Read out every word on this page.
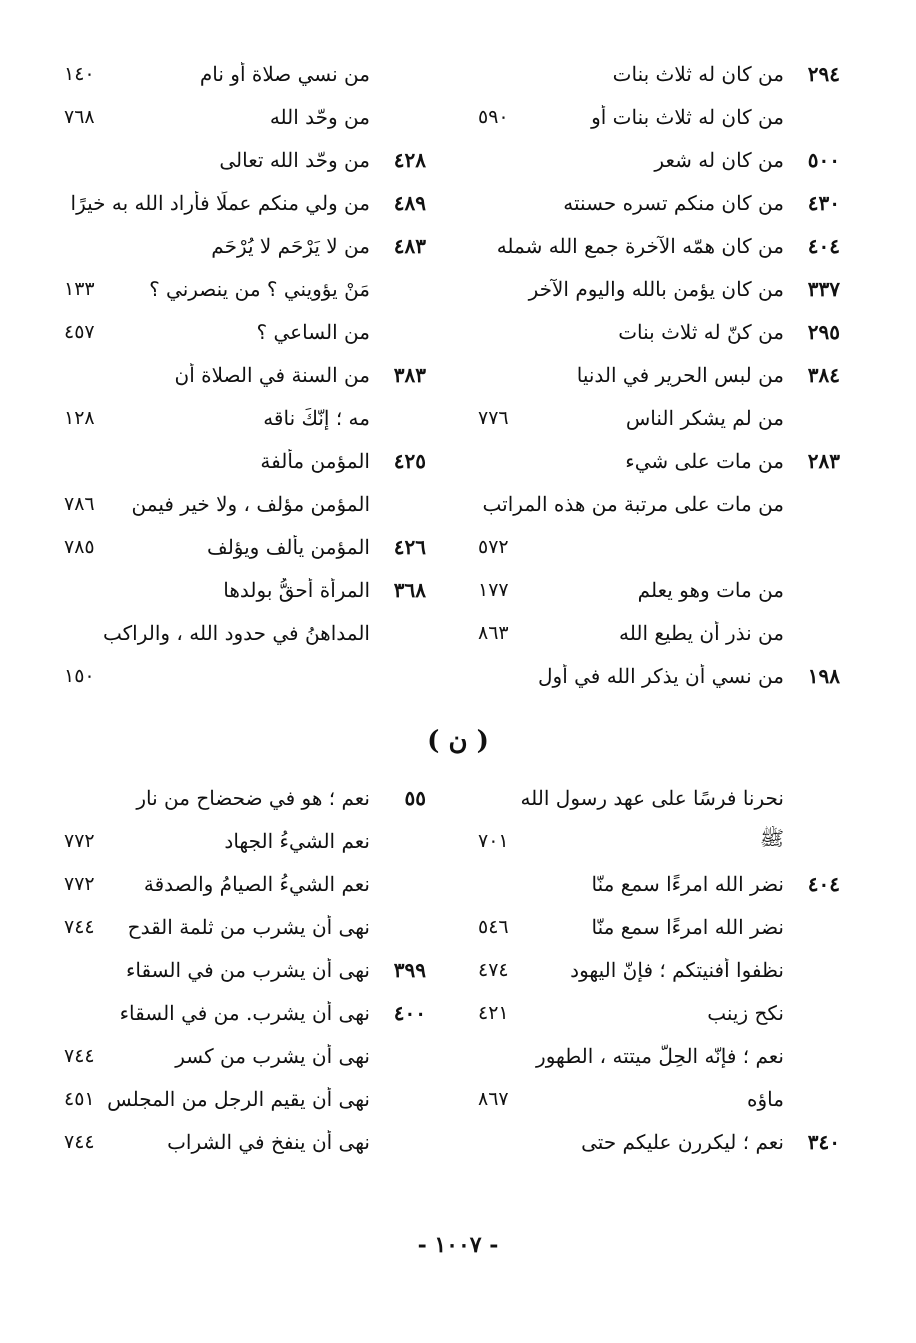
٢٩٤
من كان له ثلاث بنات
من كان له ثلاث بنات أو
٥٩٠
٥٠٠
من كان له شعر
٤٣٠
من كان منكم تسره حسنته
٤٠٤
من كان همّه الآخرة جمع الله شمله
٣٣٧
من كان يؤمن بالله واليوم الآخر
٢٩٥
من كنّ له ثلاث بنات
٣٨٤
من لبس الحرير في الدنيا
من لم يشكر الناس
٧٧٦
٢٨٣
من مات على شيء
من مات على مرتبة من هذه المراتب
٥٧٢
من مات وهو يعلم
١٧٧
من نذر أن يطيع الله
٨٦٣
١٩٨
من نسي أن يذكر الله في أول
من نسي صلاة أو نام
١٤٠
من وحّد الله
٧٦٨
٤٢٨
من وحّد الله تعالى
٤٨٩
من ولي منكم عملًا فأراد الله به خيرًا
٤٨٣
من لا يَرْحَم لا يُرْحَم
مَنْ يؤويني ؟ من ينصرني ؟
١٣٣
من الساعي ؟
٤٥٧
٣٨٣
من السنة في الصلاة أن
مه ؛ إنّكَ ناقه
١٢٨
٤٢٥
المؤمن مألفة
المؤمن مؤلف ، ولا خير فيمن
٧٨٦
٤٢٦
المؤمن يألف ويؤلف
٧٨٥
٣٦٨
المرأة أحقُّ بولدها
المداهنُ في حدود الله ، والراكب
١٥٠
( ن )
نحرنا فرسًا على عهد رسول الله
ﷺ
٧٠١
٤٠٤
نضر الله امرءًا سمع منّا
نضر الله امرءًا سمع منّا
٥٤٦
نظفوا أفنيتكم ؛ فإنّ اليهود
٤٧٤
نكح زينب
٤٢١
نعم ؛ فإنّه الحِلُّ ميتته ، الطهور
ماؤه
٨٦٧
٣٤٠
نعم ؛ ليكررن عليكم حتى
٥٥
نعم ؛ هو في ضحضاح من نار
نعم الشيءُ الجهاد
٧٧٢
نعم الشيءُ الصيامُ والصدقة
٧٧٢
نهى أن يشرب من ثلمة القدح
٧٤٤
٣٩٩
نهى أن يشرب من في السقاء
٤٠٠
نهى أن يشرب. من في السقاء
نهى أن يشرب من كسر
٧٤٤
نهى أن يقيم الرجل من المجلس
٤٥١
نهى أن ينفخ في الشراب
٧٤٤
- ١٠٠٧ -
